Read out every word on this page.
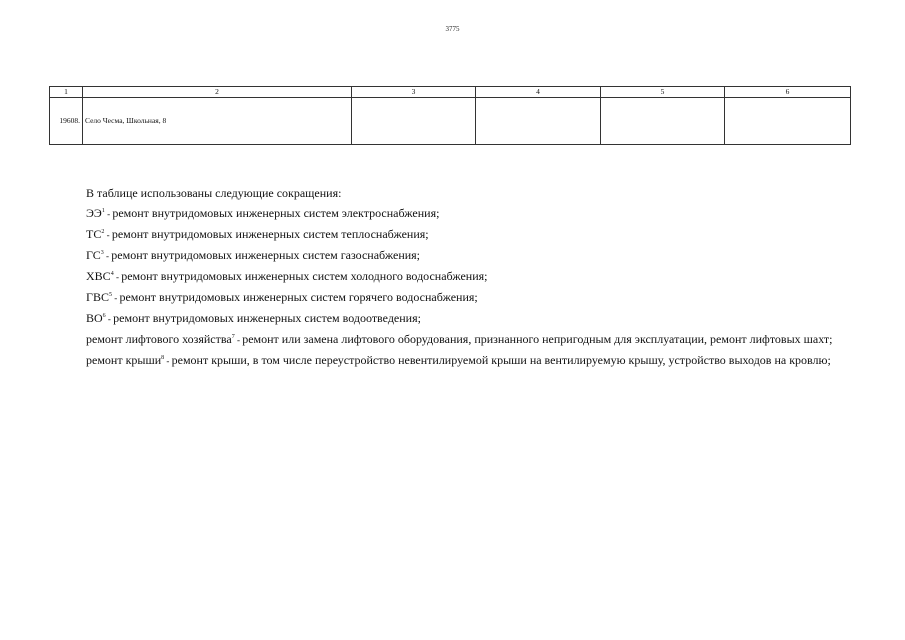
3775
1	2	3	4	5	6
19608.	Село Чесма, Школьная, 8				

В таблице использованы следующие сокращения:

$ЭЭ^1$ - ремонт внутридомовых инженерных систем электроснабжения;

$ТС^2$ - ремонт внутридомовых инженерных систем теплоснабжения;

$ГС^3$ - ремонт внутридомовых инженерных систем газоснабжения;

ХВС$^4$ - ремонт внутридомовых инженерных систем холодного водоснабжения;

ГВС$^5$ - ремонт внутридомовых инженерных систем горячего водоснабжения;

$ВО^6$ - ремонт внутридомовых инженерных систем водоотведения;

ремонт лифтового хозяйства$^7$ - ремонт или замена лифтового оборудования, признанного непригодным для эксплуатации, ремонт лифтовых шахт;

ремонт крыши$^8$ - ремонт крыши, в том числе переустройство невентилируемой крыши на вентилируемую крышу, устройство выходов на кровлю;
